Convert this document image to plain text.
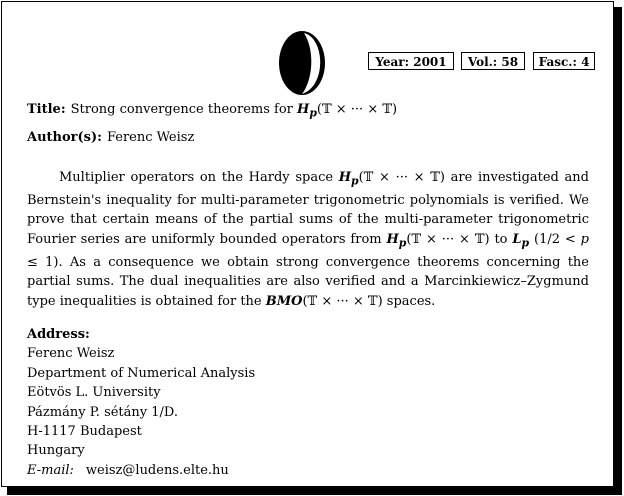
Year: 2001	Vol.: 58	Fasc.: 4
Title: Strong convergence theorems for $H_p(𝕋$ × ··· × 𝕋)
Author(s): Ferenc Weisz
Multiplier operators on the Hardy space $H_p(𝕋$ × ··· × 𝕋) are investigated and Bernstein's inequality for multi-parameter trigonometric polynomials is verified. We prove that certain means of the partial sums of the multi-parameter trigonometric Fourier series are uniformly bounded operators from $H_p(𝕋$ × ··· × 𝕋) to $L_p$ (1/2 < p ≤ 1). As a consequence we obtain strong convergence theorems concerning the partial sums. The dual inequalities are also verified and a Marcinkiewicz–Zygmund type inequalities is obtained for the BMO(𝕋 × ··· × 𝕋) spaces.
Address:
Ferenc Weisz
Department of Numerical Analysis
Eötvös L. University
Pázmány P. sétány 1/D.
H-1117 Budapest
Hungary
E-mail: weisz@ludens.elte.hu
